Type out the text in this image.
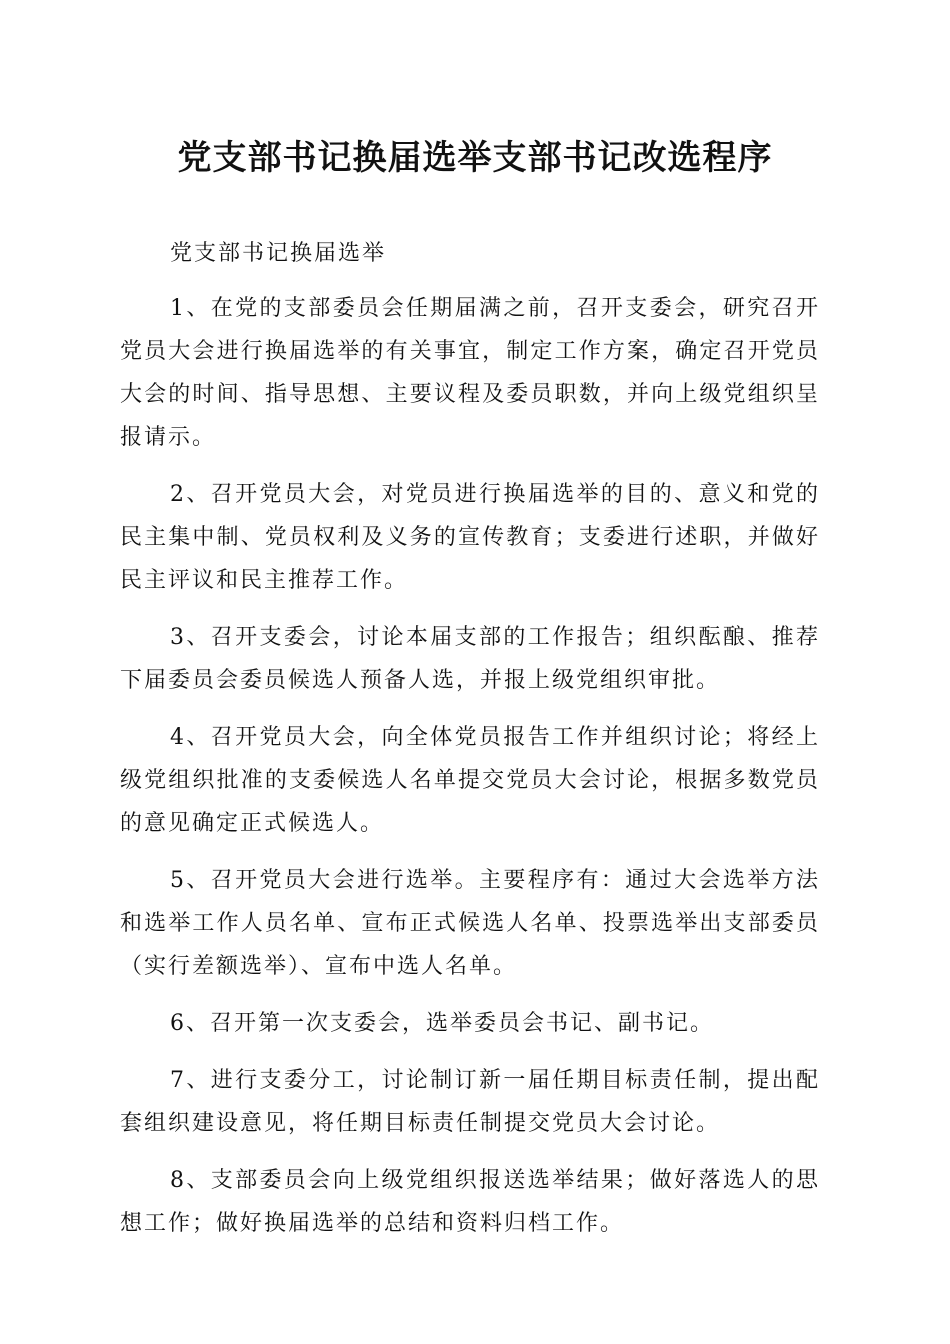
党支部书记换届选举支部书记改选程序

党支部书记换届选举

1、在党的支部委员会任期届满之前，召开支委会，研究召开党员大会进行换届选举的有关事宜，制定工作方案，确定召开党员大会的时间、指导思想、主要议程及委员职数，并向上级党组织呈报请示。

2、召开党员大会，对党员进行换届选举的目的、意义和党的民主集中制、党员权利及义务的宣传教育；支委进行述职，并做好民主评议和民主推荐工作。

3、召开支委会，讨论本届支部的工作报告；组织酝酿、推荐下届委员会委员候选人预备人选，并报上级党组织审批。

4、召开党员大会，向全体党员报告工作并组织讨论；将经上级党组织批准的支委候选人名单提交党员大会讨论，根据多数党员的意见确定正式候选人。

5、召开党员大会进行选举。主要程序有：通过大会选举方法和选举工作人员名单、宣布正式候选人名单、投票选举出支部委员（实行差额选举）、宣布中选人名单。

6、召开第一次支委会，选举委员会书记、副书记。

7、进行支委分工，讨论制订新一届任期目标责任制，提出配套组织建设意见，将任期目标责任制提交党员大会讨论。

8、支部委员会向上级党组织报送选举结果；做好落选人的思想工作；做好换届选举的总结和资料归档工作。
